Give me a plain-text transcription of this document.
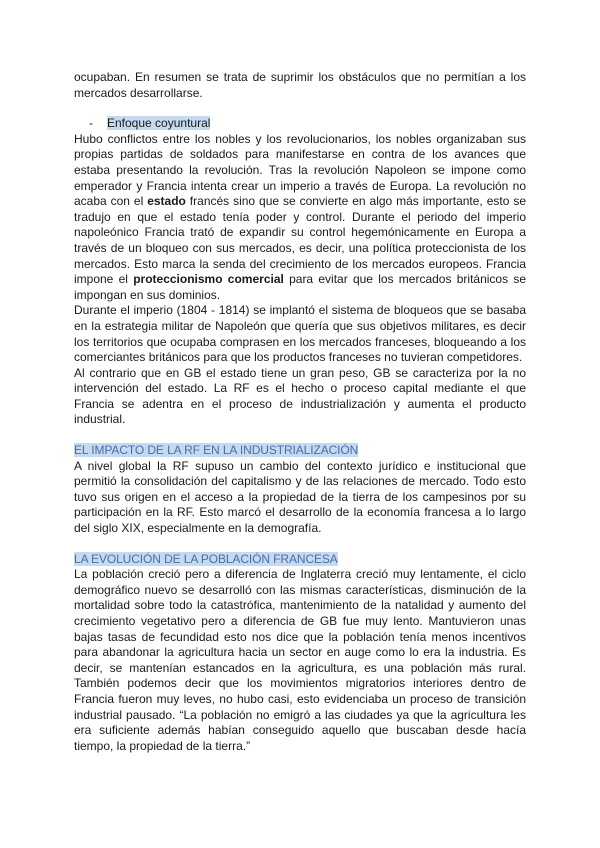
ocupaban. En resumen se trata de suprimir los obstáculos que no permitían a los mercados desarrollarse.

- Enfoque coyuntural

Hubo conflictos entre los nobles y los revolucionarios, los nobles organizaban sus propias partidas de soldados para manifestarse en contra de los avances que estaba presentando la revolución. Tras la revolución Napoleon se impone como emperador y Francia intenta crear un imperio a través de Europa. La revolución no acaba con el estado francés sino que se convierte en algo más importante, esto se tradujo en que el estado tenía poder y control. Durante el periodo del imperio napoleónico Francia trató de expandir su control hegemónicamente en Europa a través de un bloqueo con sus mercados, es decir, una política proteccionista de los mercados. Esto marca la senda del crecimiento de los mercados europeos. Francia impone el proteccionismo comercial para evitar que los mercados británicos se impongan en sus dominios.

Durante el imperio (1804 - 1814) se implantó el sistema de bloqueos que se basaba en la estrategia militar de Napoleón que quería que sus objetivos militares, es decir los territorios que ocupaba comprasen en los mercados franceses, bloqueando a los comerciantes británicos para que los productos franceses no tuvieran competidores.

Al contrario que en GB el estado tiene un gran peso, GB se caracteriza por la no intervención del estado. La RF es el hecho o proceso capital mediante el que Francia se adentra en el proceso de industrialización y aumenta el producto industrial.

EL IMPACTO DE LA RF EN LA INDUSTRIALIZACIÓN

A nivel global la RF supuso un cambio del contexto jurídico e institucional que permitió la consolidación del capitalismo y de las relaciones de mercado. Todo esto tuvo sus origen en el acceso a la propiedad de la tierra de los campesinos por su participación en la RF. Esto marcó el desarrollo de la economía francesa a lo largo del siglo XIX, especialmente en la demografía.

LA EVOLUCIÓN DE LA POBLACIÓN FRANCESA

La población creció pero a diferencia de Inglaterra creció muy lentamente, el ciclo demográfico nuevo se desarrolló con las mismas características, disminución de la mortalidad sobre todo la catastrófica, mantenimiento de la natalidad y aumento del crecimiento vegetativo pero a diferencia de GB fue muy lento. Mantuvieron unas bajas tasas de fecundidad esto nos dice que la población tenía menos incentivos para abandonar la agricultura hacia un sector en auge como lo era la industria. Es decir, se mantenían estancados en la agricultura, es una población más rural. También podemos decir que los movimientos migratorios interiores dentro de Francia fueron muy leves, no hubo casi, esto evidenciaba un proceso de transición industrial pausado. “La población no emigró a las ciudades ya que la agricultura les era suficiente además habían conseguido aquello que buscaban desde hacía tiempo, la propiedad de la tierra.”
